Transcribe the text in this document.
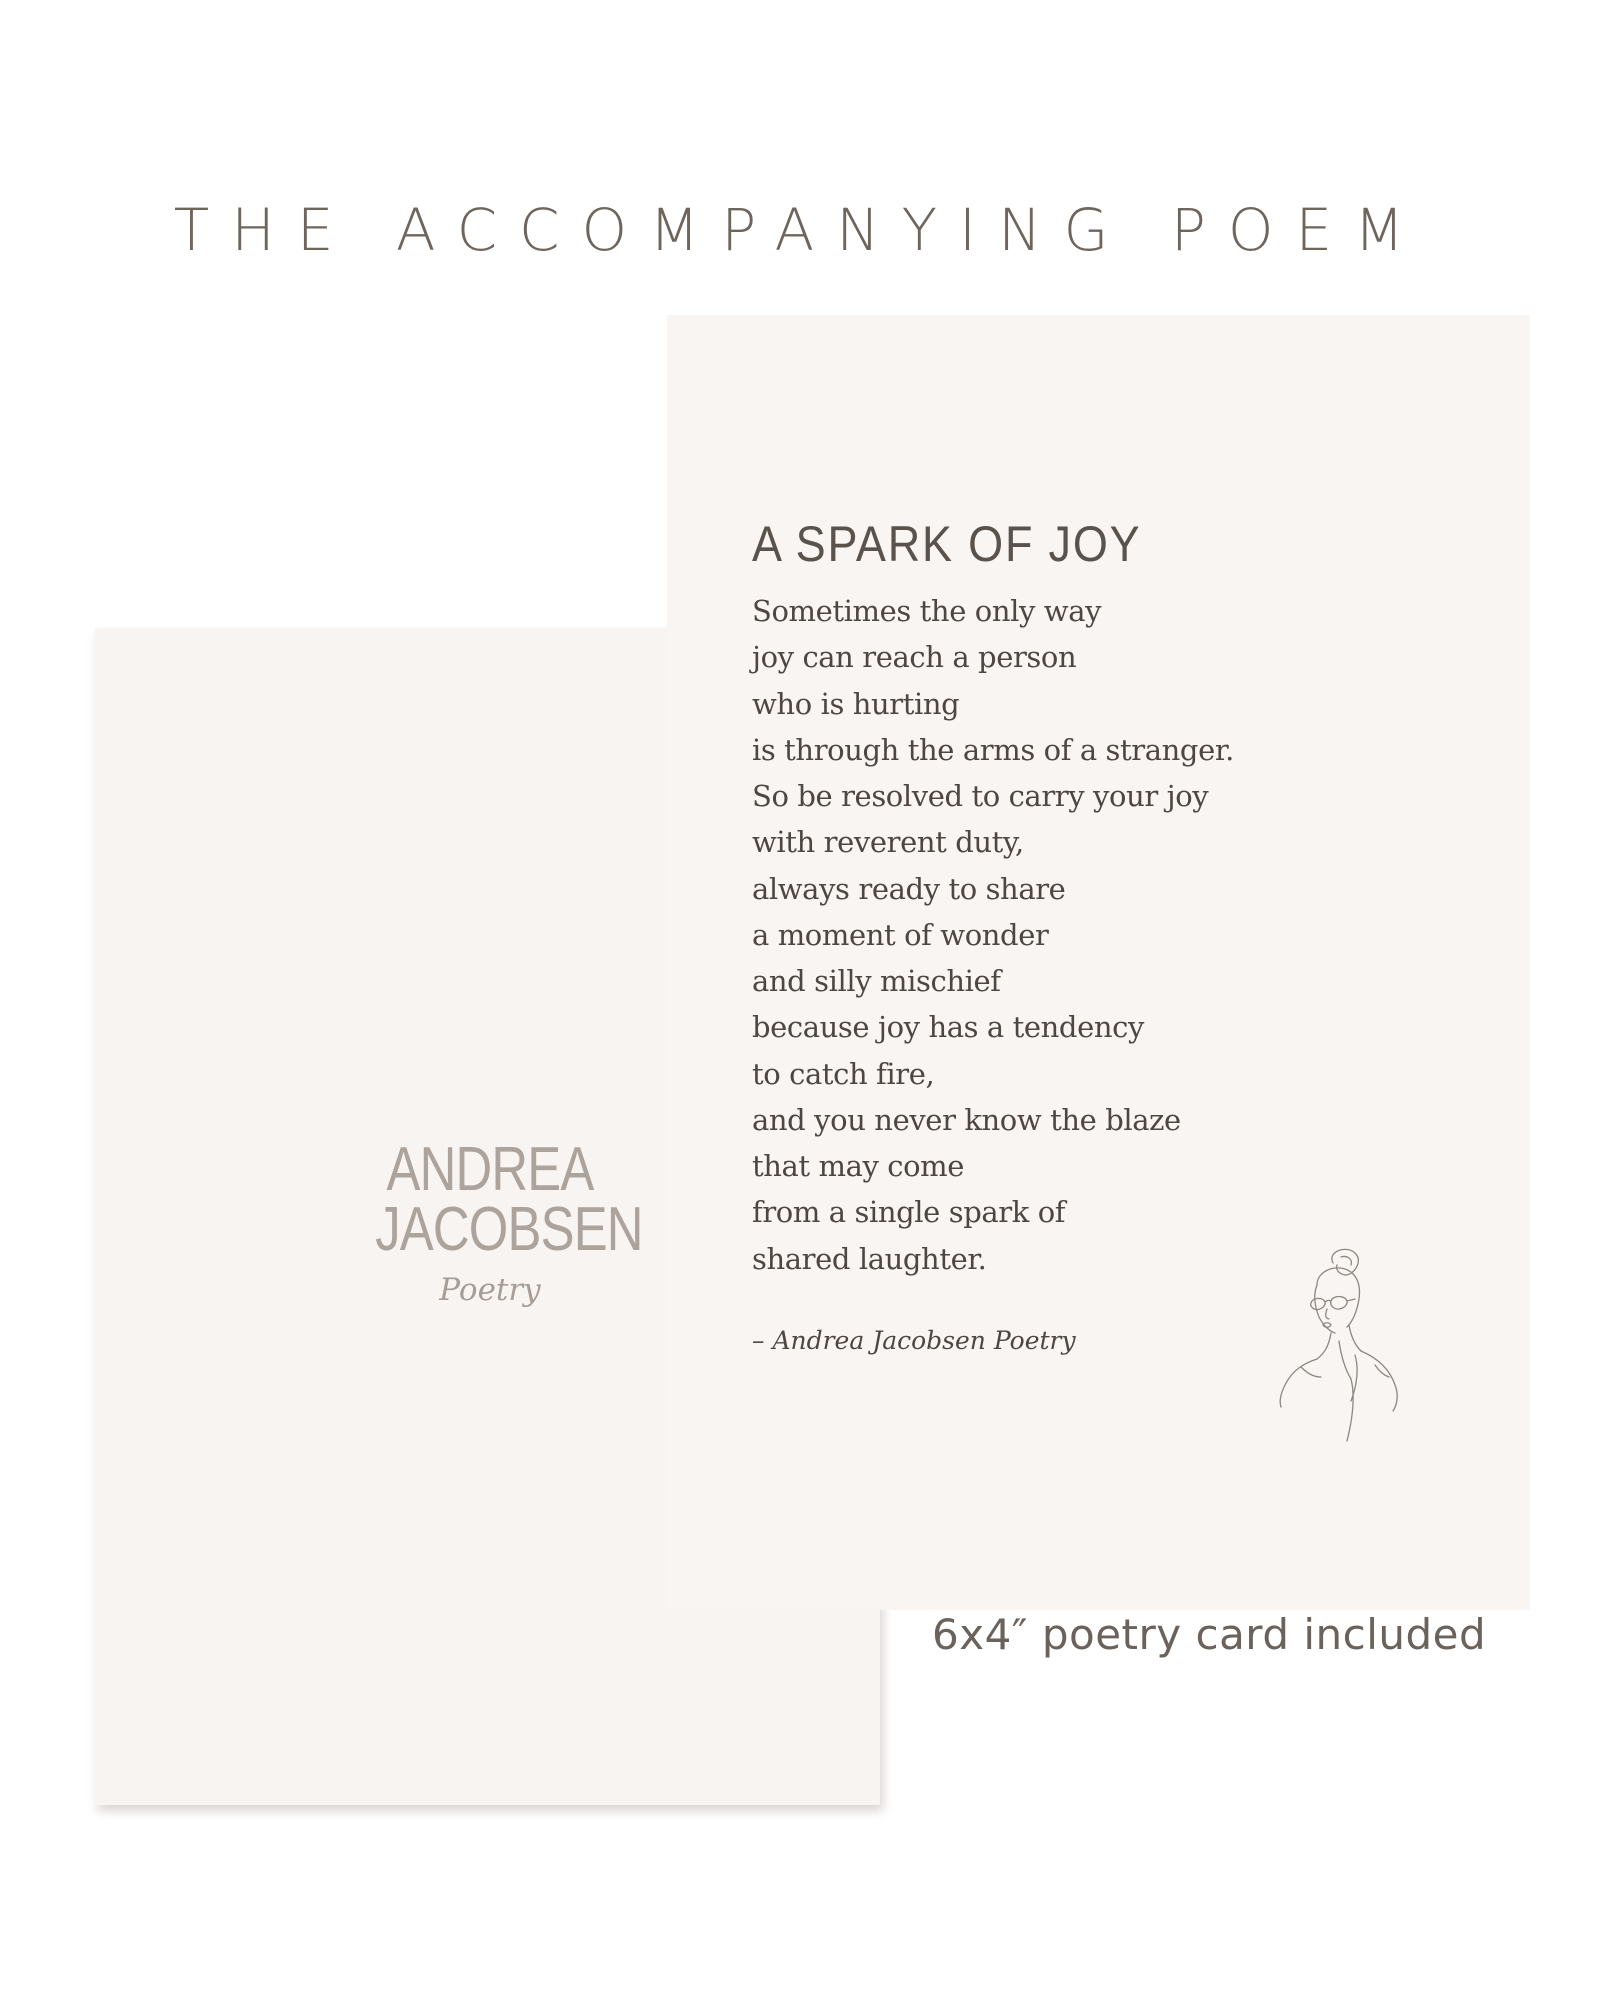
THE ACCOMPANYING POEM
ANDREA
JACOBSEN
Poetry
A SPARK OF JOY
Sometimes the only way
joy can reach a person
who is hurting
is through the arms of a stranger.
So be resolved to carry your joy
with reverent duty,
always ready to share
a moment of wonder
and silly mischief
because joy has a tendency
to catch fire,
and you never know the blaze
that may come
from a single spark of
shared laughter.
– Andrea Jacobsen Poetry
6x4″ poetry card included
